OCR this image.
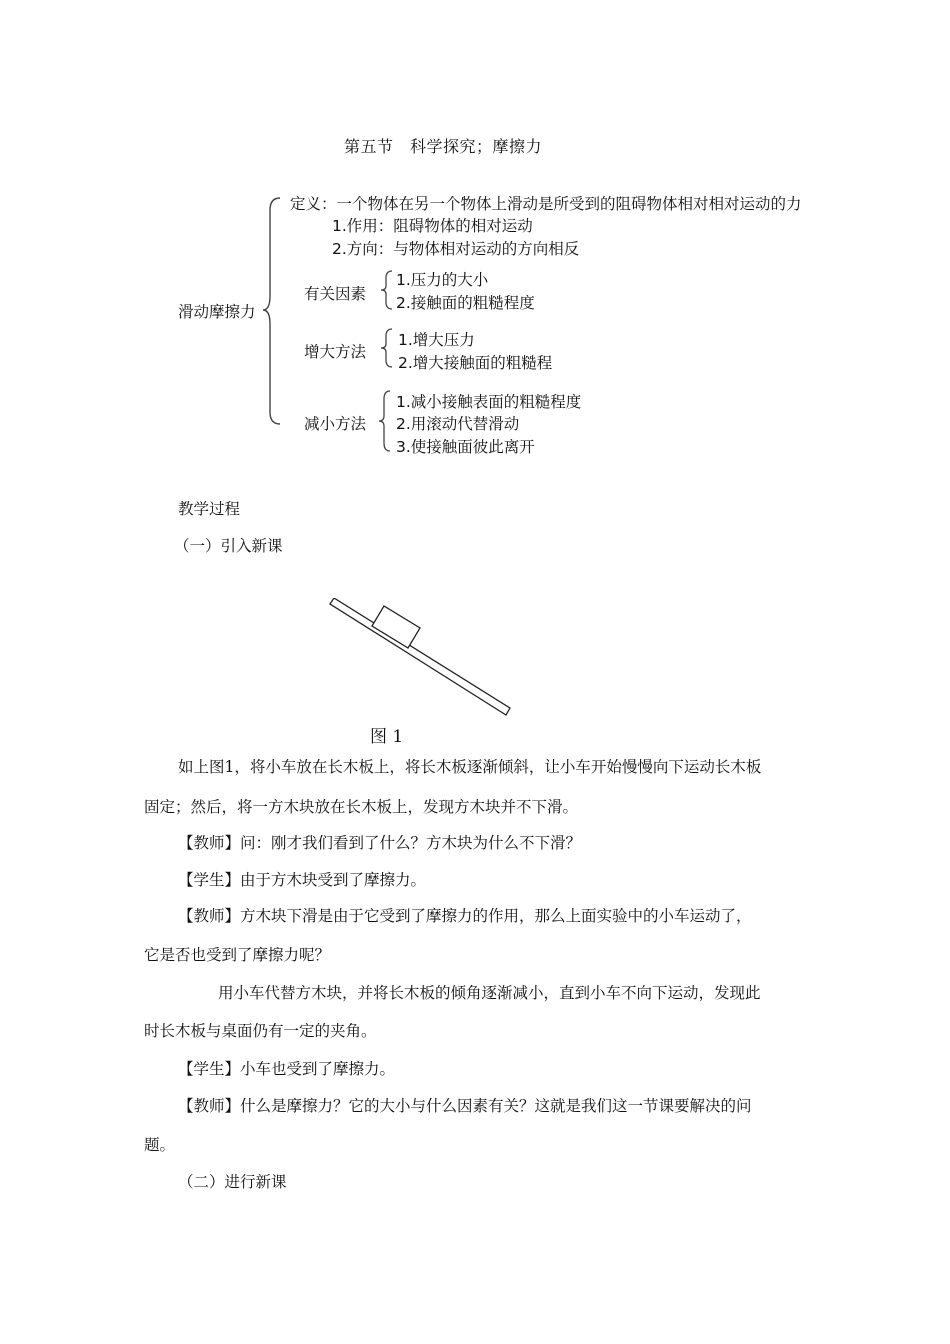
第五节　科学探究；摩擦力
滑动摩擦力
定义：一个物体在另一个物体上滑动是所受到的阻碍物体相对相对运动的力
1.作用：阻碍物体的相对运动
2.方向：与物体相对运动的方向相反
有关因素
1.压力的大小
2.接触面的粗糙程度
增大方法
1.增大压力
2.增大接触面的粗糙程
减小方法
1.减小接触表面的粗糙程度
2.用滚动代替滑动
3.使接触面彼此离开
教学过程
（一）引入新课
图 1
如上图1，将小车放在长木板上，将长木板逐渐倾斜，让小车开始慢慢向下运动长木板
固定；然后，将一方木块放在长木板上，发现方木块并不下滑。
【教师】问：刚才我们看到了什么？方木块为什么不下滑？
【学生】由于方木块受到了摩擦力。
【教师】方木块下滑是由于它受到了摩擦力的作用，那么上面实验中的小车运动了，
它是否也受到了摩擦力呢？
用小车代替方木块，并将长木板的倾角逐渐减小，直到小车不向下运动，发现此
时长木板与桌面仍有一定的夹角。
【学生】小车也受到了摩擦力。
【教师】什么是摩擦力？它的大小与什么因素有关？这就是我们这一节课要解决的问
题。
（二）进行新课
